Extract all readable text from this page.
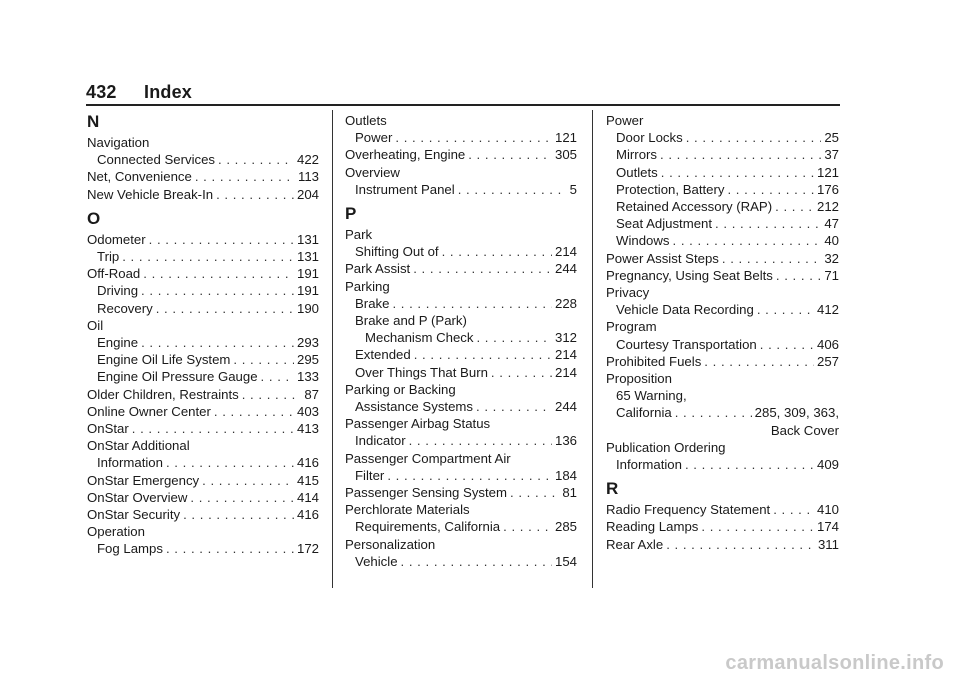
432 Index
N
Navigation
Connected Services . . .	422
Net, Convenience . . .	113
New Vehicle Break-In . . .	204
O
Odometer . . .	131
Trip . . .	131
Off-Road . . .	191
Driving . . .	191
Recovery . . .	190
Oil
Engine . . .	293
Engine Oil Life System . . .	295
Engine Oil Pressure Gauge . . .	133
Older Children, Restraints . . .	87
Online Owner Center . . .	403
OnStar . . .	413
OnStar Additional
Information . . .	416
OnStar Emergency . . .	415
OnStar Overview . . .	414
OnStar Security . . .	416
Operation
Fog Lamps . . .	172
Outlets
Power . . .	121
Overheating, Engine . . .	305
Overview
Instrument Panel . . .	5
P
Park
Shifting Out of . . .	214
Park Assist . . .	244
Parking
Brake . . .	228
Brake and P (Park)
Mechanism Check . . .	312
Extended . . .	214
Over Things That Burn . . .	214
Parking or Backing
Assistance Systems . . .	244
Passenger Airbag Status
Indicator . . .	136
Passenger Compartment Air
Filter . . .	184
Passenger Sensing System . . .	81
Perchlorate Materials
Requirements, California . . .	285
Personalization
Vehicle . . .	154
Power
Door Locks . . .	25
Mirrors . . .	37
Outlets . . .	121
Protection, Battery . . .	176
Retained Accessory (RAP) . . .	212
Seat Adjustment . . .	47
Windows . . .	40
Power Assist Steps . . .	32
Pregnancy, Using Seat Belts . . .	71
Privacy
Vehicle Data Recording . . .	412
Program
Courtesy Transportation . . .	406
Prohibited Fuels . . .	257
Proposition
65 Warning,
California . . .	285, 309, 363,
Back Cover
Publication Ordering
Information . . .	409
R
Radio Frequency Statement . . .	410
Reading Lamps . . .	174
Rear Axle . . .	311
carmanualsonline.info
